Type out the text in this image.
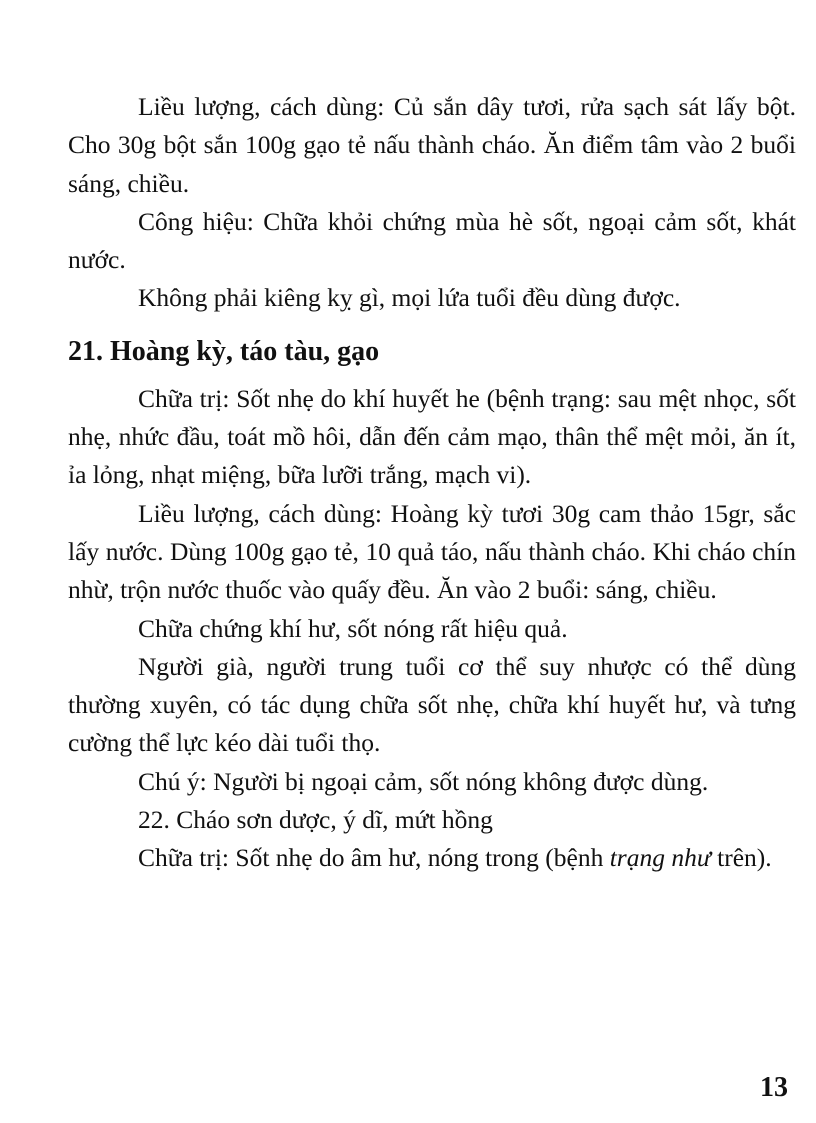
Liều lượng, cách dùng: Củ sắn dây tươi, rửa sạch sát lấy bột. Cho 30g bột sắn 100g gạo tẻ nấu thành cháo. Ăn điểm tâm vào 2 buổi sáng, chiều.

Công hiệu: Chữa khỏi chứng mùa hè sốt, ngoại cảm sốt, khát nước.

Không phải kiêng kỵ gì, mọi lứa tuổi đều dùng được.

21. Hoàng kỳ, táo tàu, gạo

Chữa trị: Sốt nhẹ do khí huyết he (bệnh trạng: sau mệt nhọc, sốt nhẹ, nhức đầu, toát mồ hôi, dẫn đến cảm mạo, thân thể mệt mỏi, ăn ít, ỉa lỏng, nhạt miệng, bữa lưỡi trắng, mạch vi).

Liều lượng, cách dùng: Hoàng kỳ tươi 30g cam thảo 15gr, sắc lấy nước. Dùng 100g gạo tẻ, 10 quả táo, nấu thành cháo. Khi cháo chín nhừ, trộn nước thuốc vào quấy đều. Ăn vào 2 buổi: sáng, chiều.

Chữa chứng khí hư, sốt nóng rất hiệu quả.

Người già, người trung tuổi cơ thể suy nhược có thể dùng thường xuyên, có tác dụng chữa sốt nhẹ, chữa khí huyết hư, và tưng cường thể lực kéo dài tuổi thọ.

Chú ý: Người bị ngoại cảm, sốt nóng không được dùng.

22. Cháo sơn dược, ý dĩ, mứt hồng

Chữa trị: Sốt nhẹ do âm hư, nóng trong (bệnh trạng như trên).

13
